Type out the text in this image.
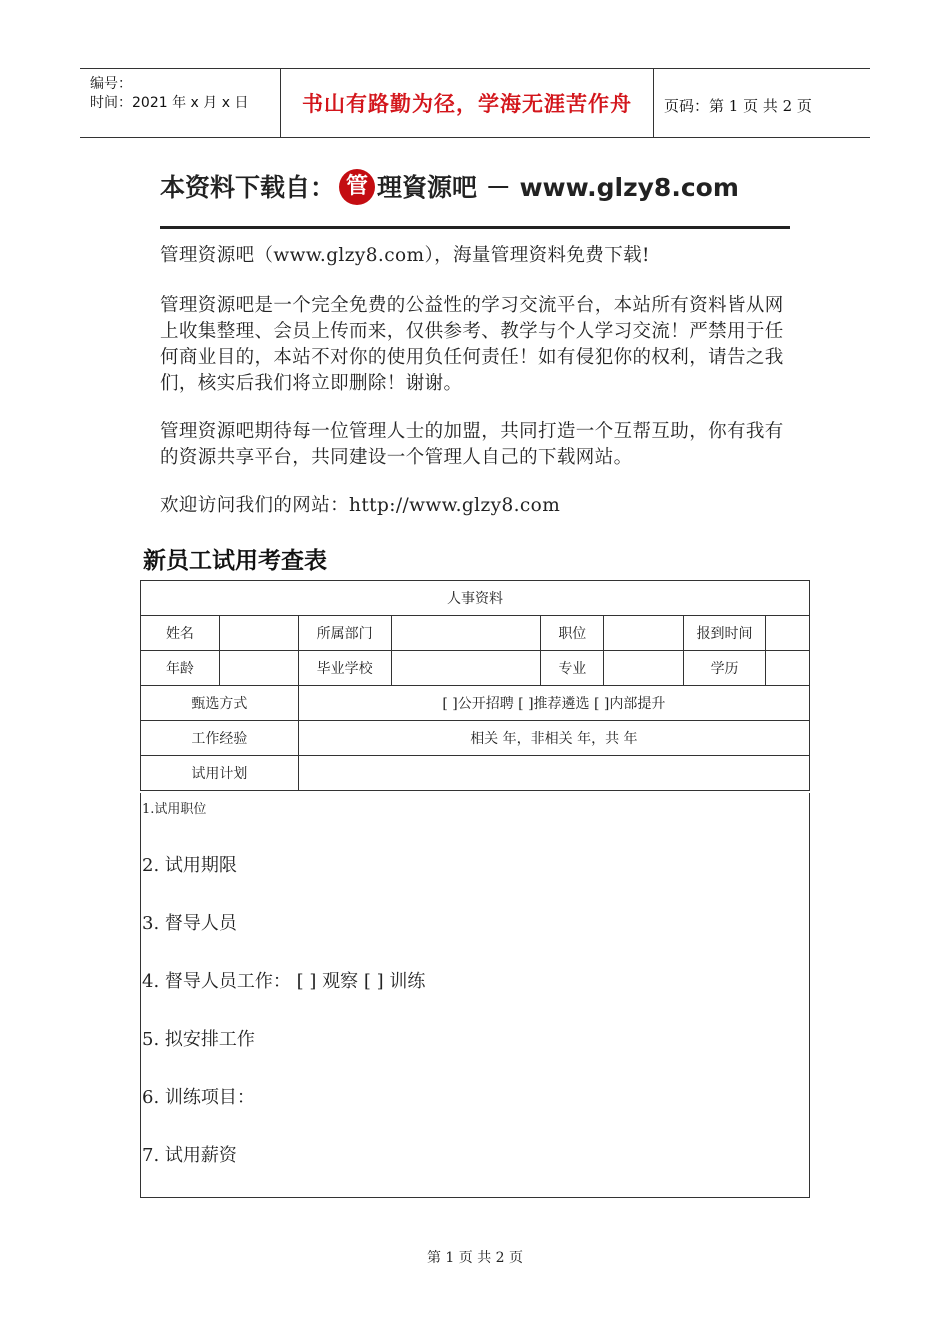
编号：
时间：2021 年 x 月 x 日	书山有路勤为径，学海无涯苦作舟	页码：第 1 页 共 2 页
本资料下载自： 管 理資源吧 － www.glzy8.com
管理资源吧（www.glzy8.com），海量管理资料免费下载!
管理资源吧是一个完全免费的公益性的学习交流平台，本站所有资料皆从网上收集整理、会员上传而来，仅供参考、教学与个人学习交流！严禁用于任何商业目的，本站不对你的使用负任何责任！如有侵犯你的权利，请告之我们，核实后我们将立即删除！谢谢。
管理资源吧期待每一位管理人士的加盟，共同打造一个互帮互助，你有我有的资源共享平台，共同建设一个管理人自己的下载网站。
欢迎访问我们的网站：http://www.glzy8.com
新员工试用考查表
人事资料							
姓名		所属部门		职位		报到时间	
年龄		毕业学校		专业		学历	
甄选方式		[ ]公开招聘 [ ]推荐遴选 [ ]内部提升					
工作经验		相关 年，非相关 年，共 年					
试用计划							
1.试用职位
2. 试用期限
3. 督导人员
4. 督导人员工作： [ ] 观察 [ ] 训练
5. 拟安排工作
6. 训练项目：
7. 试用薪资
第 1 页 共 2 页
